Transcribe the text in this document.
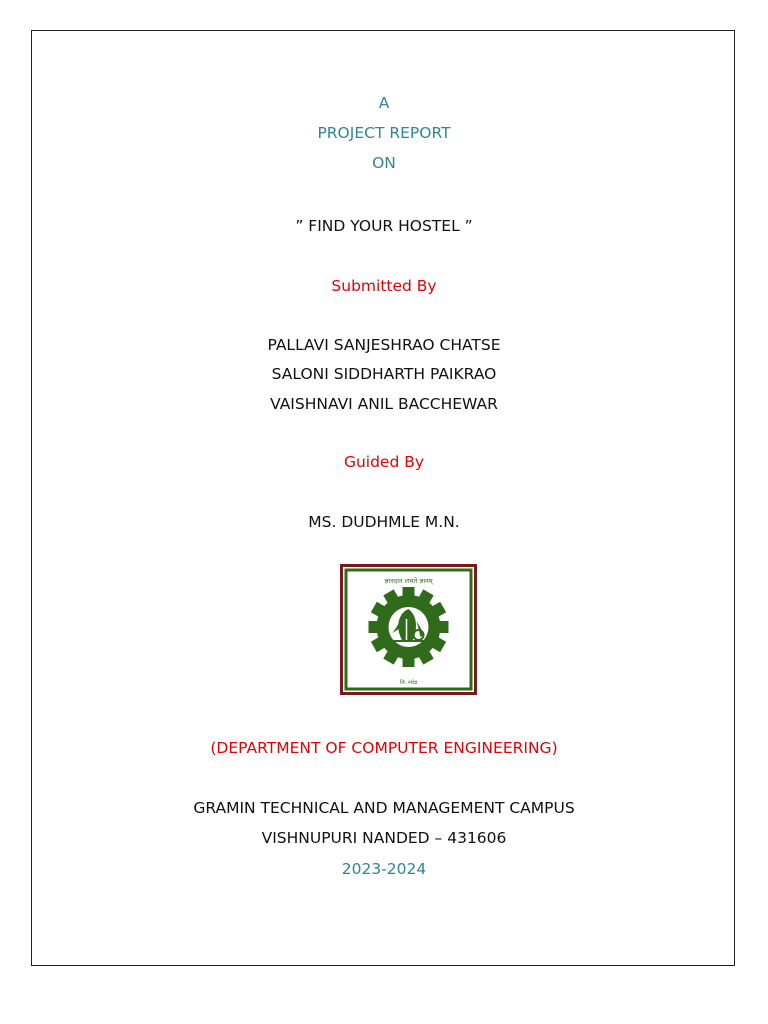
A
PROJECT REPORT
ON
” FIND YOUR HOSTEL ”
Submitted By
PALLAVI SANJESHRAO CHATSE
SALONI SIDDHARTH PAIKRAO
VAISHNAVI ANIL BACCHEWAR
Guided By
MS. DUDHMLE M.N.
ज्ञानदान लभते ज्ञानम्
जि. नांदेड
(DEPARTMENT OF COMPUTER ENGINEERING)
GRAMIN TECHNICAL AND MANAGEMENT CAMPUS
VISHNUPURI NANDED – 431606
2023-2024
